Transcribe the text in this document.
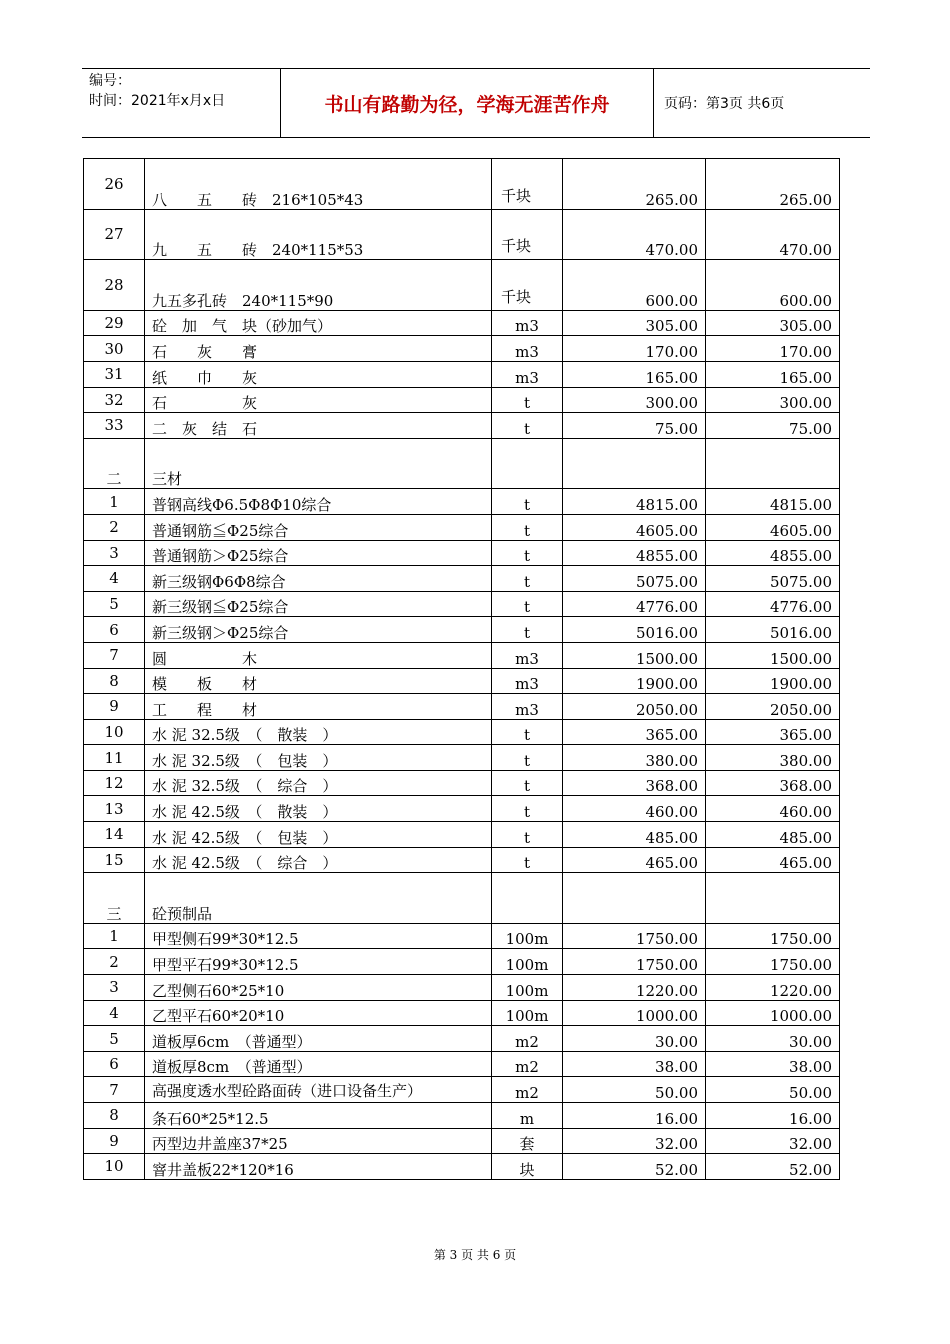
编号：
时间：2021年x月x日	书山有路勤为径，学海无涯苦作舟	页码：第3页 共6页
26	八　　五　　砖　216*105*43	千块	265.00	265.00
27	九　　五　　砖　240*115*53	千块	470.00	470.00
28	九五多孔砖　240*115*90	千块	600.00	600.00
29	砼　加　气　块（砂加气）	m3	305.00	305.00
30	石　　灰　　膏	m3	170.00	170.00
31	纸　　巾　　灰	m3	165.00	165.00
32	石　　　　　灰	t	300.00	300.00
33	二　灰　结　石	t	75.00	75.00
二	三材			
1	普钢高线Φ6.5Φ8Φ10综合	t	4815.00	4815.00
2	普通钢筋≦Φ25综合	t	4605.00	4605.00
3	普通钢筋＞Φ25综合	t	4855.00	4855.00
4	新三级钢Φ6Φ8综合	t	5075.00	5075.00
5	新三级钢≦Φ25综合	t	4776.00	4776.00
6	新三级钢＞Φ25综合	t	5016.00	5016.00
7	圆　　　　　木	m3	1500.00	1500.00
8	模　　板　　材	m3	1900.00	1900.00
9	工　　程　　材	m3	2050.00	2050.00
10	水 泥 32.5级　（　散装　）	t	365.00	365.00
11	水 泥 32.5级　（　包装　）	t	380.00	380.00
12	水 泥 32.5级　（　综合　）	t	368.00	368.00
13	水 泥 42.5级　（　散装　）	t	460.00	460.00
14	水 泥 42.5级　（　包装　）	t	485.00	485.00
15	水 泥 42.5级　（　综合　）	t	465.00	465.00
三	砼预制品			
1	甲型侧石99*30*12.5	100m	1750.00	1750.00
2	甲型平石99*30*12.5	100m	1750.00	1750.00
3	乙型侧石60*25*10	100m	1220.00	1220.00
4	乙型平石60*20*10	100m	1000.00	1000.00
5	道板厚6cm　（普通型）	m2	30.00	30.00
6	道板厚8cm　（普通型）	m2	38.00	38.00
7	高强度透水型砼路面砖（进口设备生产）	m2	50.00	50.00
8	条石60*25*12.5	m	16.00	16.00
9	丙型边井盖座37*25	套	32.00	32.00
10	窨井盖板22*120*16	块	52.00	52.00
第 3 页 共 6 页
